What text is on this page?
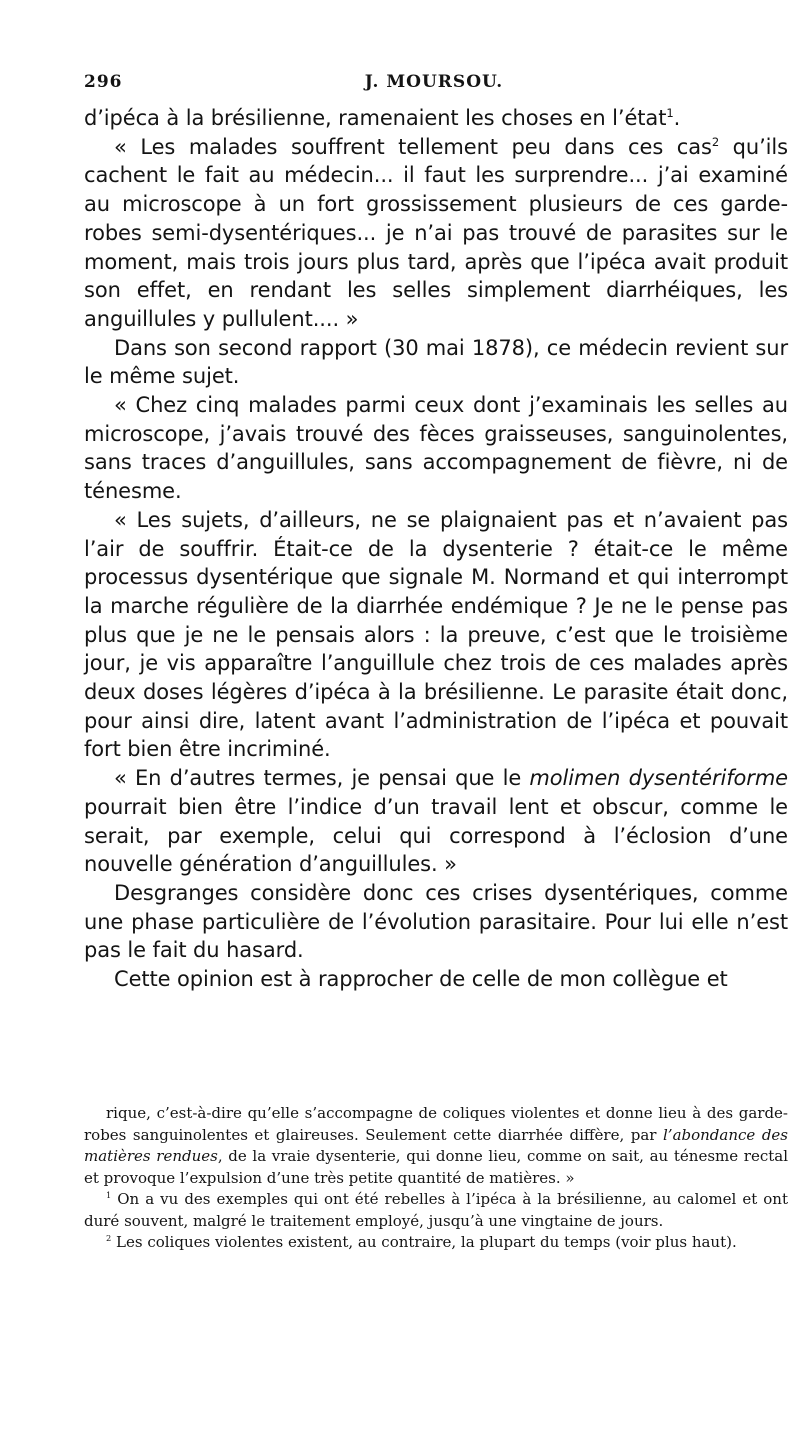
296	J. MOURSOU.

d’ipéca à la brésilienne, ramenaient les choses en l’état$^1$.

« Les malades souffrent tellement peu dans ces cas$^2$ qu’ils cachent le fait au médecin... il faut les surprendre... j’ai examiné au microscope à un fort grossissement plusieurs de ces garde-robes semi-dysentériques... je n’ai pas trouvé de parasites sur le moment, mais trois jours plus tard, après que l’ipéca avait produit son effet, en rendant les selles simplement diarrhéiques, les anguillules y pullulent.... »

Dans son second rapport (30 mai 1878), ce médecin revient sur le même sujet.

« Chez cinq malades parmi ceux dont j’examinais les selles au microscope, j’avais trouvé des fèces graisseuses, sanguinolentes, sans traces d’anguillules, sans accompagnement de fièvre, ni de ténesme.

« Les sujets, d’ailleurs, ne se plaignaient pas et n’avaient pas l’air de souffrir. Était-ce de la dysenterie ? était-ce le même processus dysentérique que signale M. Normand et qui interrompt la marche régulière de la diarrhée endémique ? Je ne le pense pas plus que je ne le pensais alors : la preuve, c’est que le troisième jour, je vis apparaître l’anguillule chez trois de ces malades après deux doses légères d’ipéca à la brésilienne. Le parasite était donc, pour ainsi dire, latent avant l’administration de l’ipéca et pouvait fort bien être incriminé.

« En d’autres termes, je pensai que le molimen dysentériforme pourrait bien être l’indice d’un travail lent et obscur, comme le serait, par exemple, celui qui correspond à l’éclosion d’une nouvelle génération d’anguillules. »

Desgranges considère donc ces crises dysentériques, comme une phase particulière de l’évolution parasitaire. Pour lui elle n’est pas le fait du hasard.

Cette opinion est à rapprocher de celle de mon collègue et

rique, c’est-à-dire qu’elle s’accompagne de coliques violentes et donne lieu à des garde-robes sanguinolentes et glaireuses. Seulement cette diarrhée diffère, par l’abondance des matières rendues, de la vraie dysenterie, qui donne lieu, comme on sait, au ténesme rectal et provoque l’expulsion d’une très petite quantité de matières. »

$^1$ On a vu des exemples qui ont été rebelles à l’ipéca à la brésilienne, au calomel et ont duré souvent, malgré le traitement employé, jusqu’à une vingtaine de jours.

$^2$ Les coliques violentes existent, au contraire, la plupart du temps (voir plus haut).
